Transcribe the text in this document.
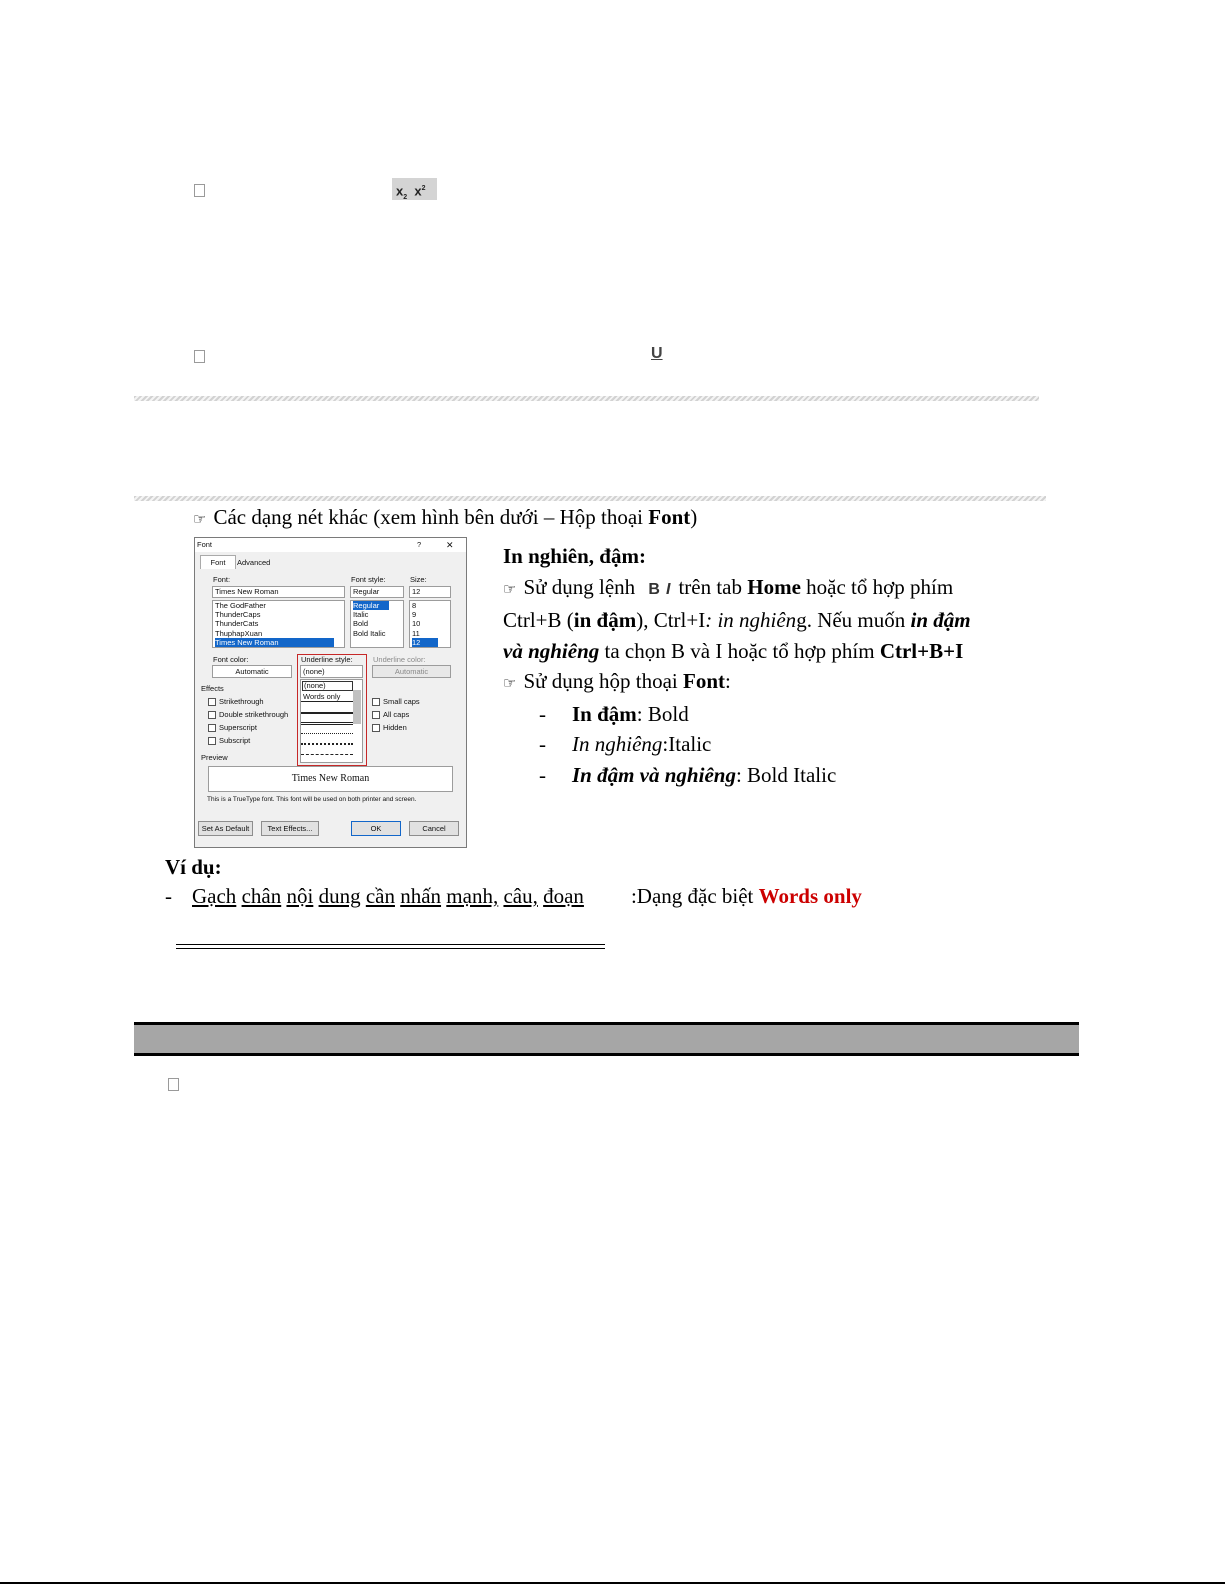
$x_2$ $x^2$
U
☞ Các dạng nét khác (xem hình bên dưới – Hộp thoại Font)
Font	?	✕
Font	Advanced
Font:
Times New Roman
The GodFather
ThunderCaps
ThunderCats
ThuphapXuan
Times New Roman
Font style:
Regular
Regular
Italic
Bold
Bold Italic
Size:
12
8
9
10
11
12
Font color:
Automatic
Underline style:
(none)
(none)
Words only
Underline color:
Automatic
Effects
Strikethrough
Double strikethrough
Superscript
Subscript
Small caps
All caps
Hidden
Preview
Times New Roman
This is a TrueType font. This font will be used on both printer and screen.
Set As Default	Text Effects...	OK	Cancel

In nghiên, đậm:

☞ Sử dụng lệnh B I trên tab Home hoặc tổ hợp phím

Ctrl+B (in đậm), Ctrl+I: in nghiêng. Nếu muốn in đậm

và nghiêng ta chọn B và I hoặc tổ hợp phím Ctrl+B+I

☞ Sử dụng hộp thoại Font:

- In đậm: Bold

- In nghiêng:Italic

- In đậm và nghiêng: Bold Italic

Ví dụ:
- Gạch chân nội dung cần nhấn mạnh, câu, đoạn :Dạng đặc biệt Words only
